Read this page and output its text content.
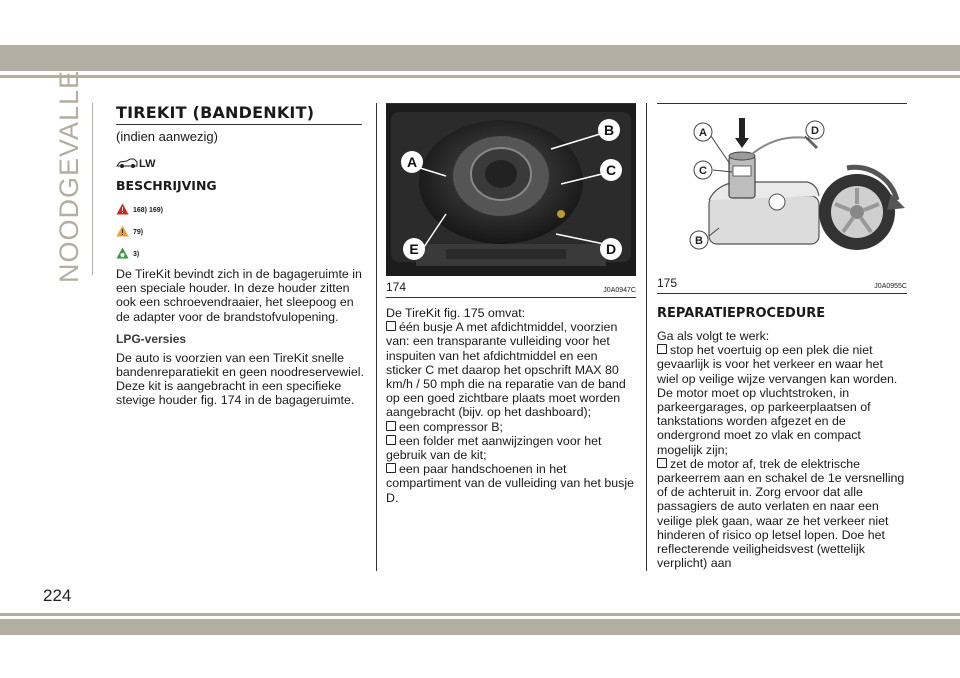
NOODGEVALLEN TIREKIT (BANDENKIT)
(indien aanwezig)
LW
BESCHRIJVING
168) 169)
79)
3)
De TireKit bevindt zich in de bagageruimte in een speciale houder. In deze houder zitten ook een schroevendraaier, het sleepoog en de adapter voor de brandstofvulopening.
LPG-versies
De auto is voorzien van een TireKit snelle bandenreparatiekit en geen noodreservewiel. Deze kit is aangebracht in een specifieke stevige houder fig. 174 in de bagageruimte.
A
B
C
D
E
174	J0A0947C
De TireKit fig. 175 omvat:
één busje A met afdichtmiddel, voorzien van: een transparante vulleiding voor het inspuiten van het afdichtmiddel en een sticker C met daarop het opschrift MAX 80 km/h / 50 mph die na reparatie van de band op een goed zichtbare plaats moet worden aangebracht (bijv. op het dashboard);
een compressor B;
een folder met aanwijzingen voor het gebruik van de kit;
een paar handschoenen in het compartiment van de vulleiding van het busje D.
A
B
C
D
175	J0A0955C
REPARATIEPROCEDURE
Ga als volgt te werk:
stop het voertuig op een plek die niet gevaarlijk is voor het verkeer en waar het wiel op veilige wijze vervangen kan worden. De motor moet op vluchtstroken, in parkeergarages, op parkeerplaatsen of tankstations worden afgezet en de ondergrond moet zo vlak en compact mogelijk zijn;
zet de motor af, trek de elektrische parkeerrem aan en schakel de 1e versnelling of de achteruit in. Zorg ervoor dat alle passagiers de auto verlaten en naar een veilige plek gaan, waar ze het verkeer niet hinderen of risico op letsel lopen. Doe het reflecterende veiligheidsvest (wettelijk verplicht) aan
224
